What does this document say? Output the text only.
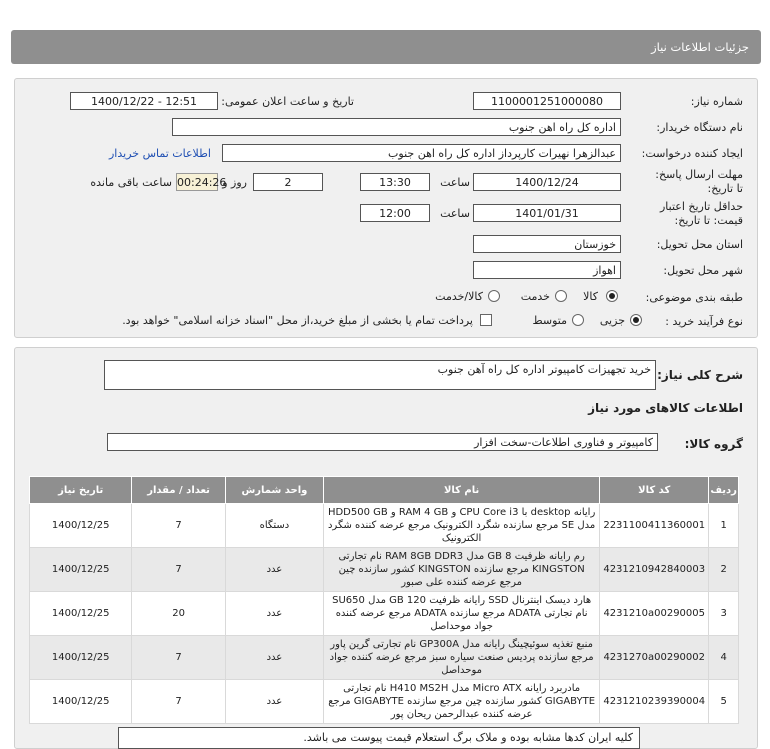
جزئیات اطلاعات نیاز
شماره نیاز:
1100001251000080
تاریخ و ساعت اعلان عمومی:
1400/12/22 - 12:51
نام دستگاه خریدار:
اداره کل راه اهن جنوب
ایجاد کننده درخواست:
عبدالزهرا نهیرات کارپرداز اداره کل راه اهن جنوب
اطلاعات تماس خریدار
مهلت ارسال پاسخ: تا تاریخ:
1400/12/24
ساعت
13:30
2
روز و
00:24:26
ساعت باقی مانده
حداقل تاریخ اعتبار قیمت: تا تاریخ:
1401/01/31
ساعت
12:00
استان محل تحویل:
خوزستان
شهر محل تحویل:
اهواز
طبقه بندی موضوعی:
کالا
خدمت
کالا/خدمت
نوع فرآیند خرید :
جزیی
متوسط
پرداخت تمام یا بخشی از مبلغ خرید،از محل "اسناد خزانه اسلامی" خواهد بود.
شرح کلی نیاز:
خرید تجهیزات کامپیوتر اداره کل راه آهن جنوب
اطلاعات کالاهای مورد نیاز
گروه کالا:
کامپیوتر و فناوری اطلاعات-سخت افزار
ردیف	کد کالا	نام کالا	واحد شمارش	تعداد / مقدار	تاریخ نیاز
1	2231100411360001	رایانه desktop با CPU Core i3 و RAM 4 GB و HDD500 GB مدل SE مرجع سازنده شگرد الکترونیک مرجع عرضه کننده شگرد الکترونیک	دستگاه	7	1400/12/25
2	4231210942840003	رم رایانه ظرفیت 8 GB مدل RAM 8GB DDR3 نام تجارتی KINGSTON مرجع سازنده KINGSTON کشور سازنده چین مرجع عرضه کننده علی صبور	عدد	7	1400/12/25
3	4231210a00290005	هارد دیسک اینترنال SSD رایانه ظرفیت 120 GB مدل SU650 نام تجارتی ADATA مرجع سازنده ADATA مرجع عرضه کننده جواد موحداصل	عدد	20	1400/12/25
4	4231270a00290002	منبع تغذیه سوئیچینگ رایانه مدل GP300A نام تجارتی گرین پاور مرجع سازنده پردیس صنعت سیاره سبز مرجع عرضه کننده جواد موحداصل	عدد	7	1400/12/25
5	4231210239390004	مادربرد رایانه Micro ATX مدل H410 MS2H نام تجارتی GIGABYTE کشور سازنده چین مرجع سازنده GIGABYTE مرجع عرضه کننده عبدالرحمن ریحان پور	عدد	7	1400/12/25
کلیه ایران کدها مشابه بوده و ملاک برگ استعلام قیمت پیوست می باشد.
